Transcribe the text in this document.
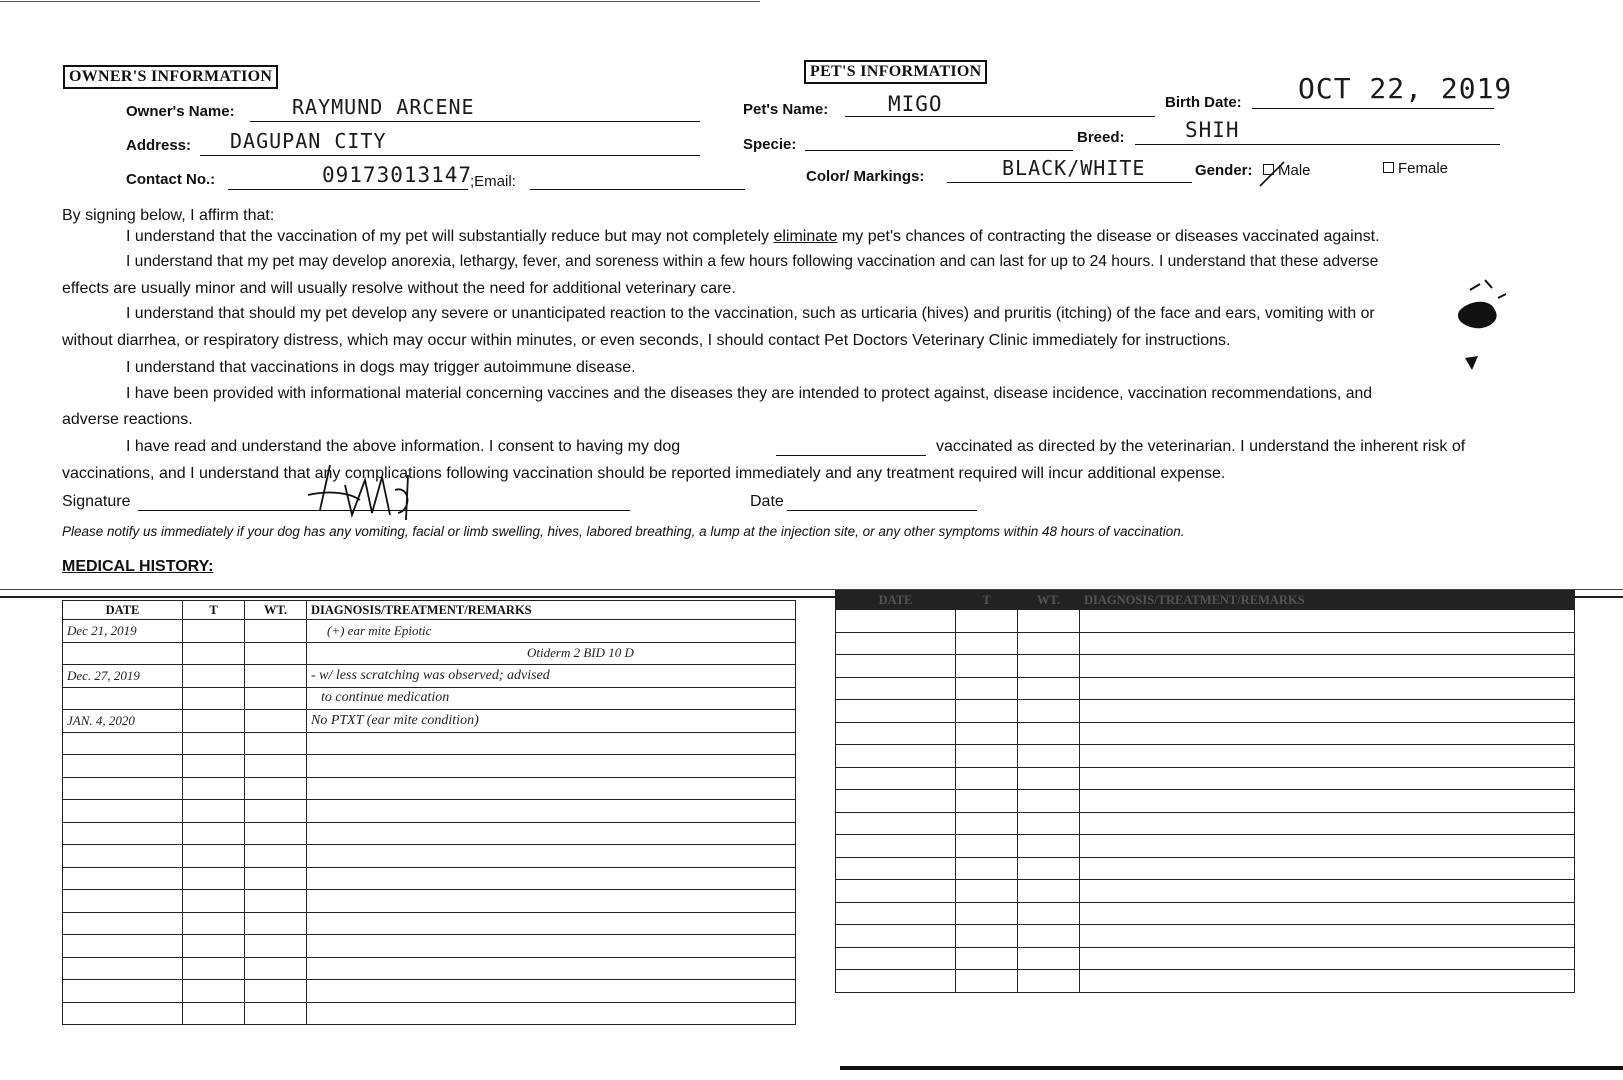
OWNER'S INFORMATION
Owner's Name:	RAYMUND ARCENE
Address: DAGUPAN CITY
Contact No.:	09173013147
;Email:
PET'S INFORMATION
Pet's Name:	MIGO	Birth Date: OCT 22, 2019
Specie:	Breed:	SHIH
Color/ Markings:	BLACK/WHITE	Gender:	Male	Female
By signing below, I affirm that:
I understand that the vaccination of my pet will substantially reduce but may not completely eliminate my pet's chances of contracting the disease or diseases vaccinated against.
I understand that my pet may develop anorexia, lethargy, fever, and soreness within a few hours following vaccination and can last for up to 24 hours. I understand that these adverse
effects are usually minor and will usually resolve without the need for additional veterinary care.
I understand that should my pet develop any severe or unanticipated reaction to the vaccination, such as urticaria (hives) and pruritis (itching) of the face and ears, vomiting with or
without diarrhea, or respiratory distress, which may occur within minutes, or even seconds, I should contact Pet Doctors Veterinary Clinic immediately for instructions.
I understand that vaccinations in dogs may trigger autoimmune disease.
I have been provided with informational material concerning vaccines and the diseases they are intended to protect against, disease incidence, vaccination recommendations, and
adverse reactions.
I have read and understand the above information. I consent to having my dog	vaccinated as directed by the veterinarian. I understand the inherent risk of
vaccinations, and I understand that any complications following vaccination should be reported immediately and any treatment required will incur additional expense.
Signature	Date
Please notify us immediately if your dog has any vomiting, facial or limb swelling, hives, labored breathing, a lump at the injection site, or any other symptoms within 48 hours of vaccination.
MEDICAL HISTORY:
DATE	T	WT.	DIAGNOSIS/TREATMENT/REMARKS
Dec 21, 2019			(+) ear mite Epiotic
			Otiderm 2 BID 10 D
Dec. 27, 2019			- w/ less scratching was observed; advised
			to continue medication
JAN. 4, 2020			No PTXT (ear mite condition)

DATE	T	WT.	DIAGNOSIS/TREATMENT/REMARKS
